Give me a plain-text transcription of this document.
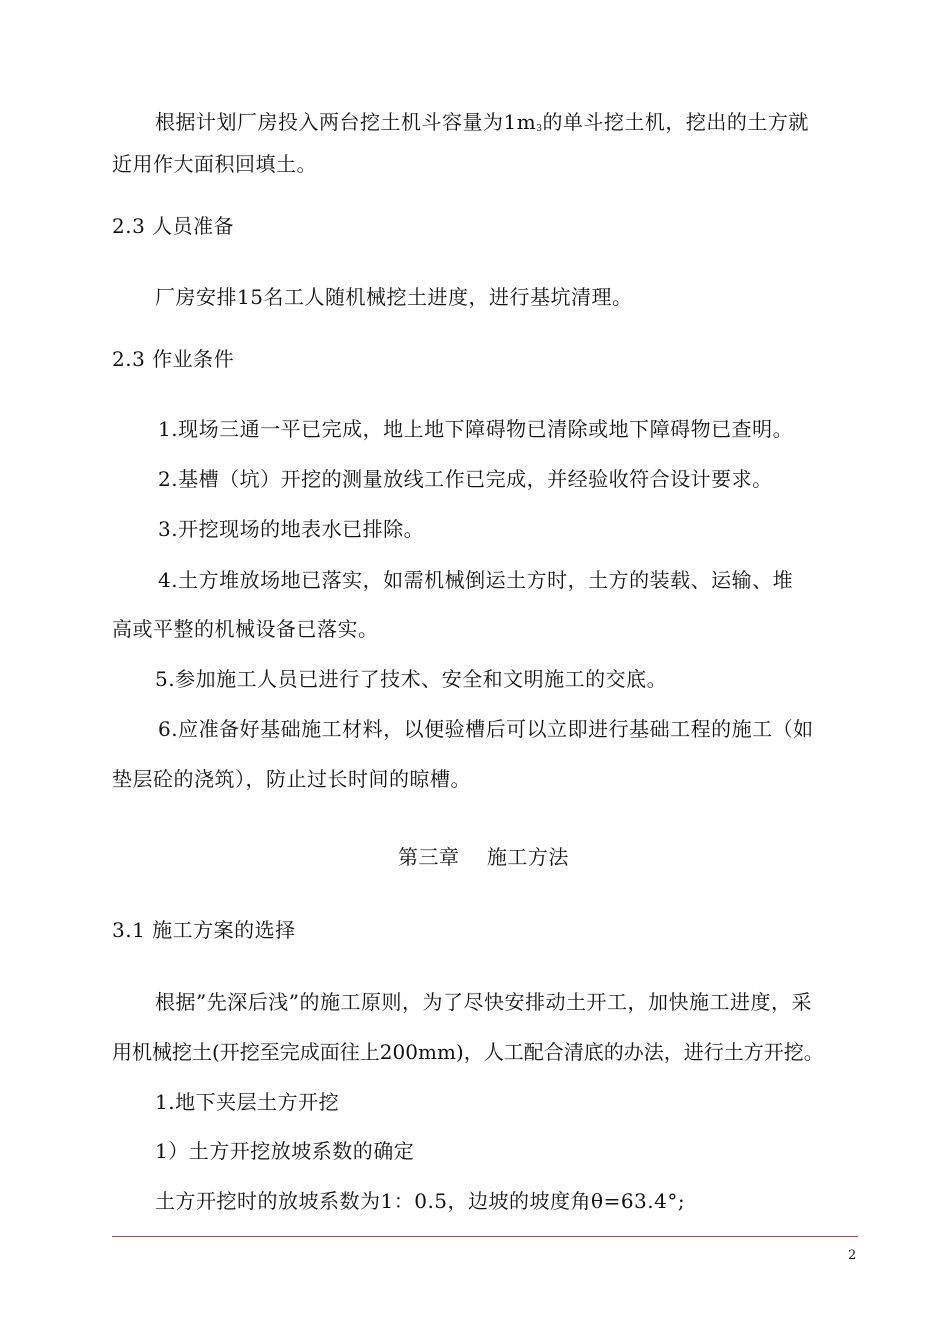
根据计划厂房投入两台挖土机斗容量为$1m_3$的单斗挖土机，挖出的土方就
近用作大面积回填土。
2.3 人员准备
厂房安排15名工人随机械挖土进度，进行基坑清理。
2.3 作业条件
1.现场三通一平已完成，地上地下障碍物已清除或地下障碍物已查明。
2.基槽（坑）开挖的测量放线工作已完成，并经验收符合设计要求。
3.开挖现场的地表水已排除。
4.土方堆放场地已落实，如需机械倒运土方时，土方的装载、运输、堆
高或平整的机械设备已落实。
5.参加施工人员已进行了技术、安全和文明施工的交底。
6.应准备好基础施工材料，以便验槽后可以立即进行基础工程的施工（如
垫层砼的浇筑），防止过长时间的晾槽。
第三章    施工方法
3.1 施工方案的选择
根据”先深后浅”的施工原则，为了尽快安排动土开工，加快施工进度，采
用机械挖土(开挖至完成面往上200mm)，人工配合清底的办法，进行土方开挖。
1.地下夹层土方开挖
1）土方开挖放坡系数的确定
土方开挖时的放坡系数为1：0.5，边坡的坡度角θ=63.4°;
2
